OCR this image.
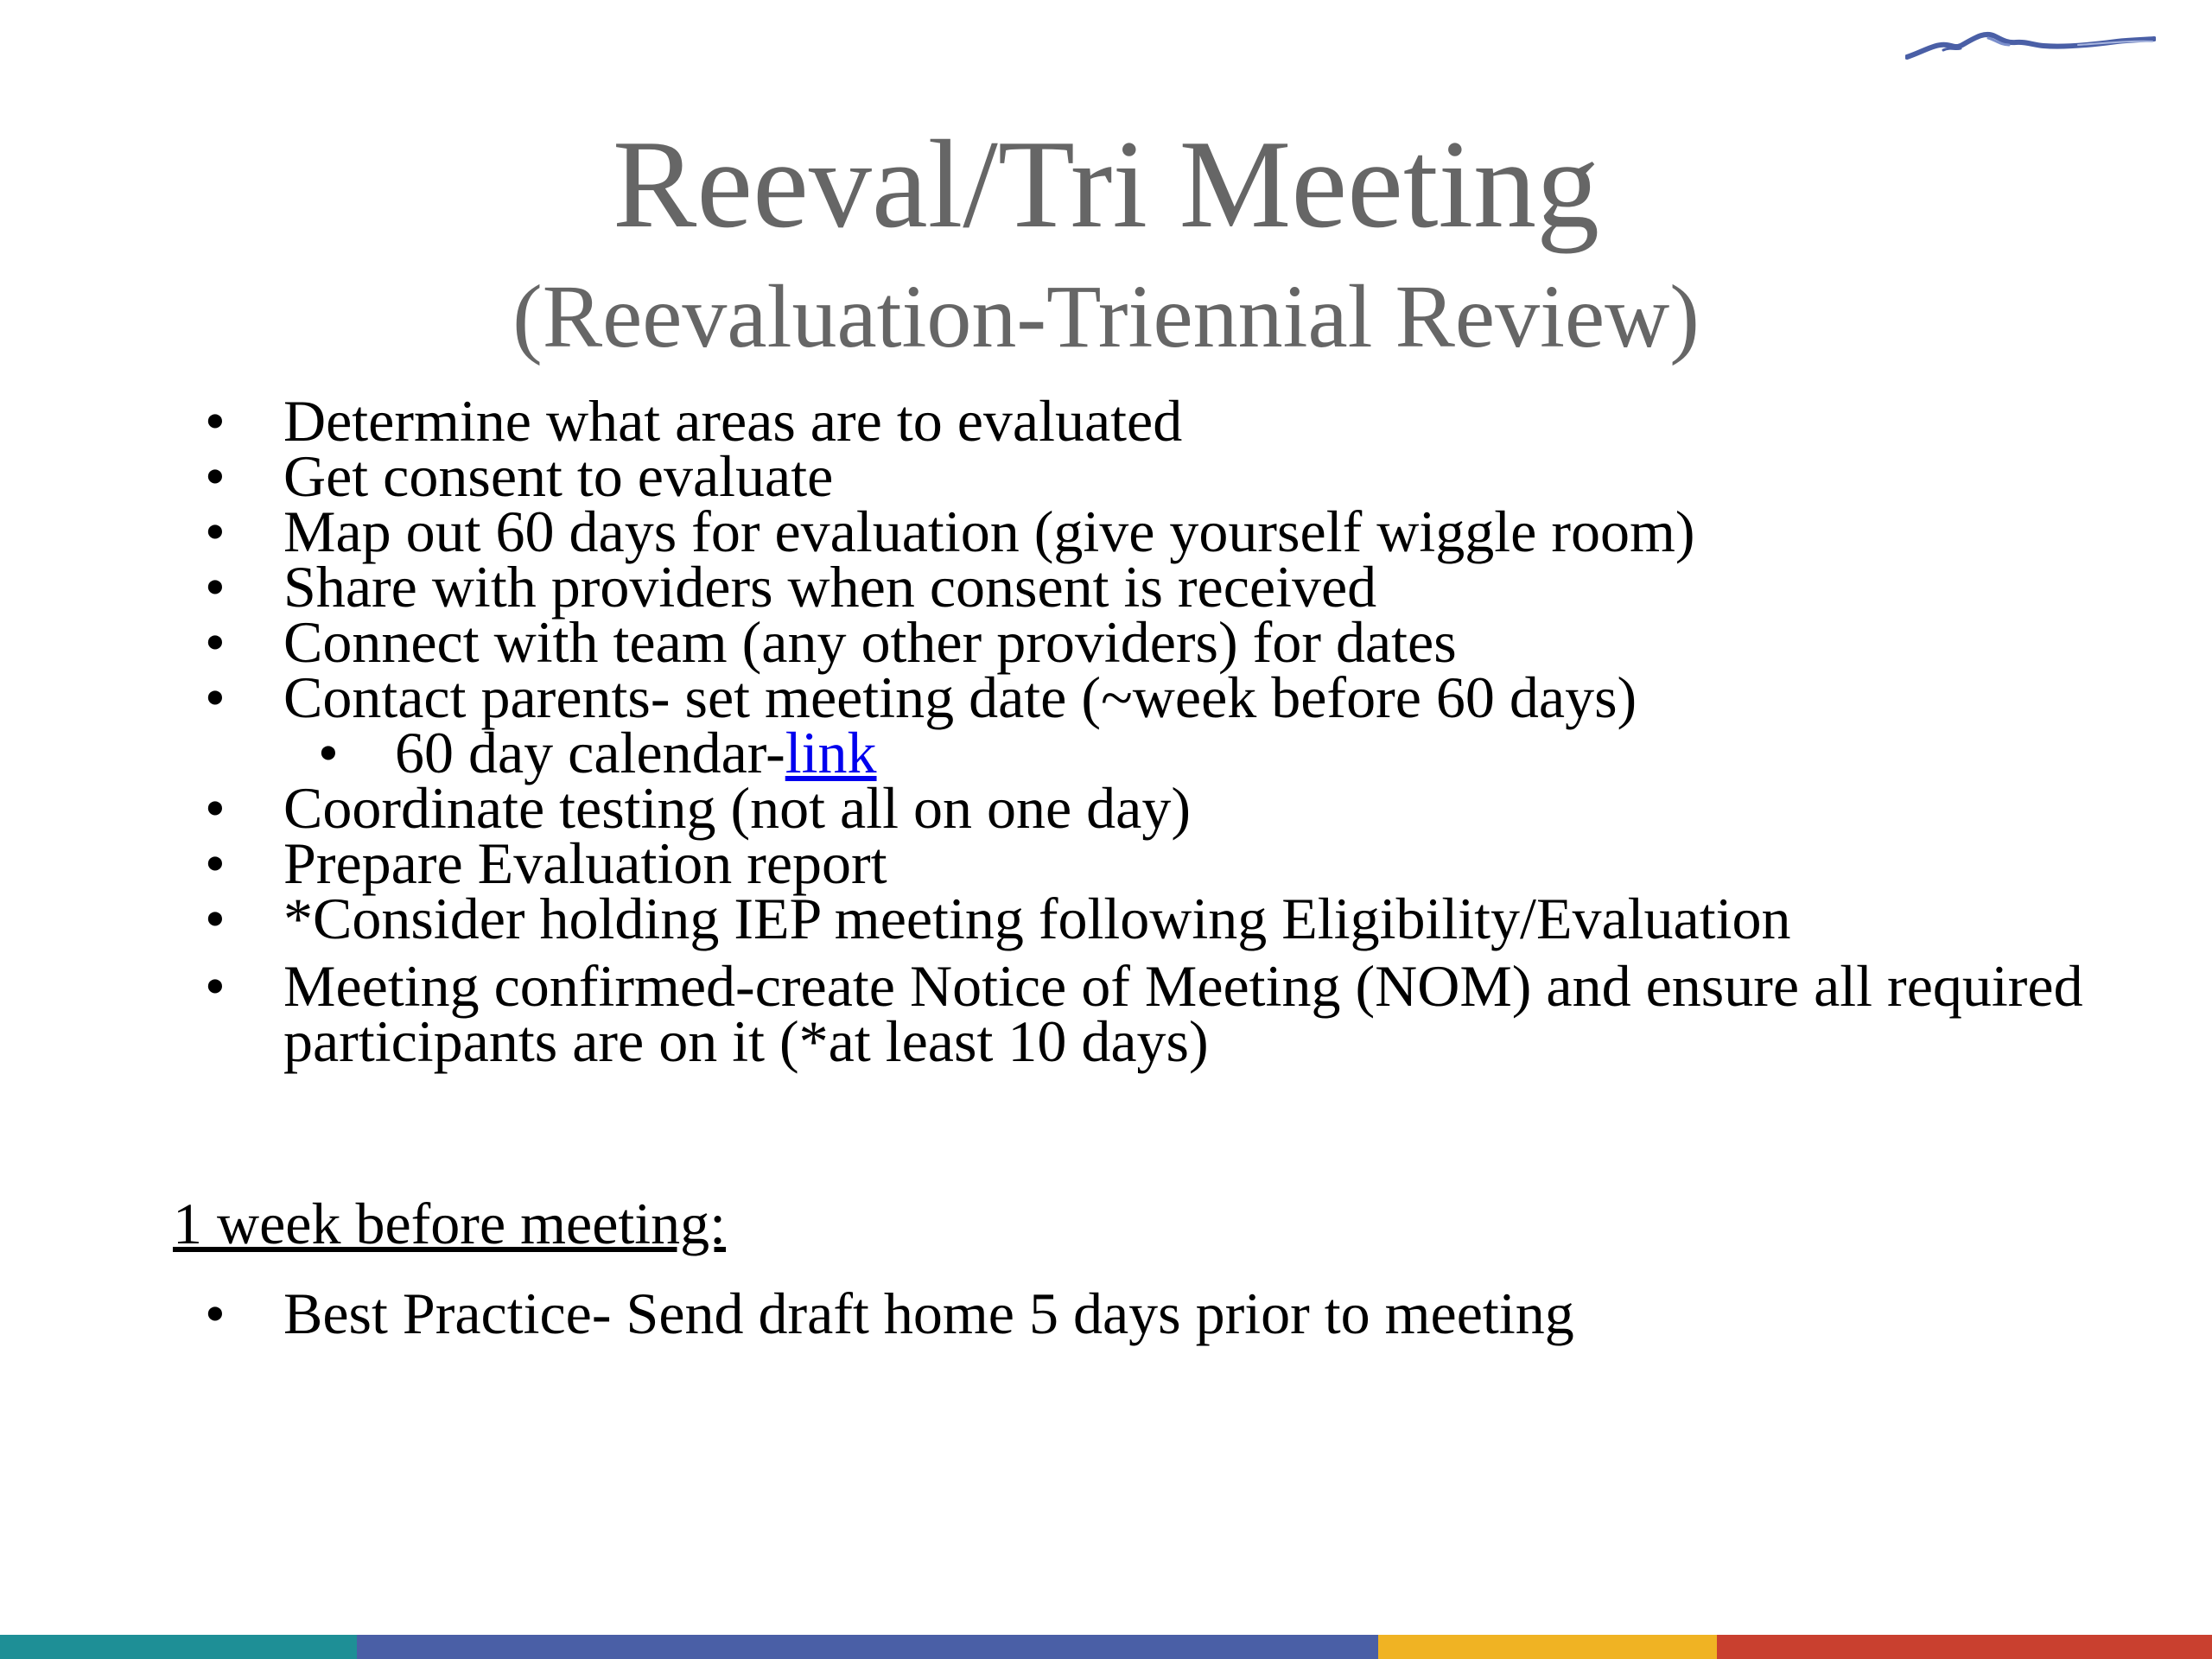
Reeval/Tri Meeting
(Reevaluation-Triennial Review)
• Determine what areas are to evaluated
• Get consent to evaluate
• Map out 60 days for evaluation (give yourself wiggle room)
• Share with providers when consent is received
• Connect with team (any other providers) for dates
• Contact parents- set meeting date (~week before 60 days)
• 60 day calendar-link
• Coordinate testing (not all on one day)
• Prepare Evaluation report
• *Consider holding IEP meeting following Eligibility/Evaluation
• Meeting confirmed-create Notice of Meeting (NOM) and ensure all required participants are on it (*at least 10 days)
1 week before meeting:
• Best Practice- Send draft home 5 days prior to meeting
